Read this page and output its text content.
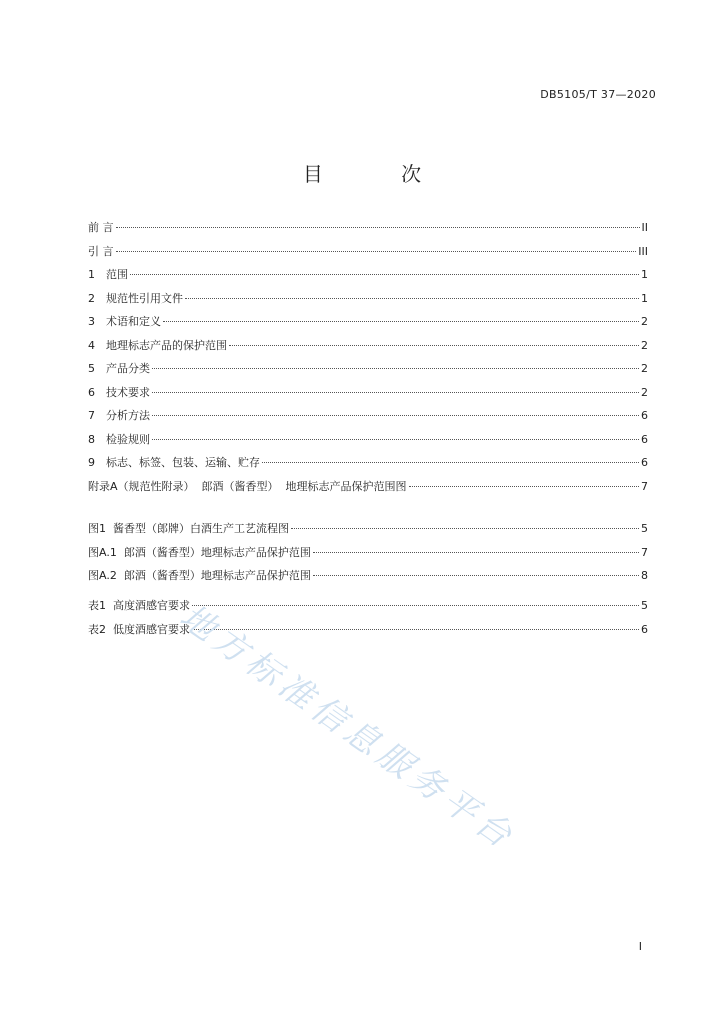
DB5105/T 37—2020
目 次
前 言	II
引 言	III
1	范围	1
2	规范性引用文件	1
3	术语和定义	2
4	地理标志产品的保护范围	2
5	产品分类	2
6	技术要求	2
7	分析方法	6
8	检验规则	6
9	标志、标签、包装、运输、贮存	6
附录A（规范性附录）  郎酒（酱香型）  地理标志产品保护范围图	7
图1  酱香型（郎牌）白酒生产工艺流程图	5
图A.1  郎酒（酱香型）地理标志产品保护范围	7
图A.2  郎酒（酱香型）地理标志产品保护范围	8
表1  高度酒感官要求	5
表2  低度酒感官要求	6
地方标准信息服务平台
I
